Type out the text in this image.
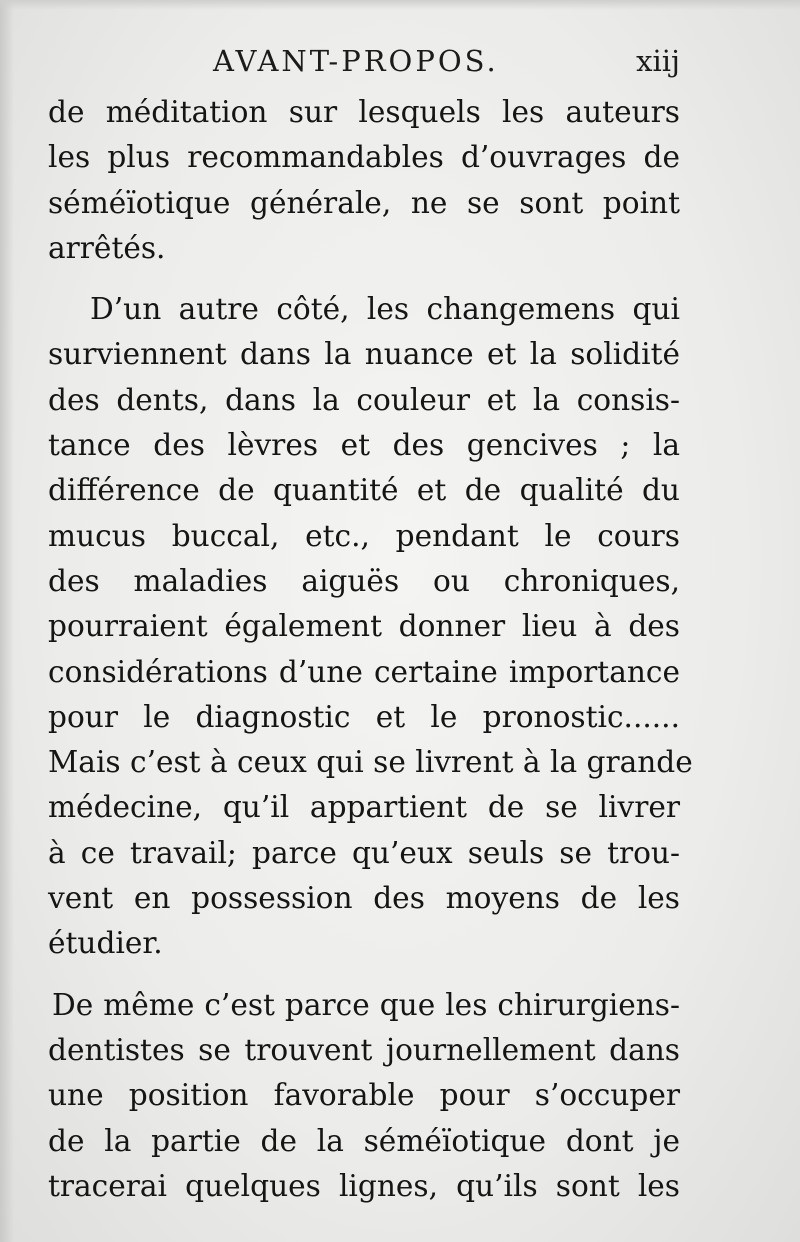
AVANT-PROPOS.	xiij
de méditation sur lesquels les auteurs
les plus recommandables d’ouvrages de
séméïotique générale, ne se sont point
arrêtés.
D’un autre côté, les changemens qui
surviennent dans la nuance et la solidité
des dents, dans la couleur et la consis-
tance des lèvres et des gencives ; la
différence de quantité et de qualité du
mucus buccal, etc., pendant le cours
des maladies aiguës ou chroniques,
pourraient également donner lieu à des
considérations d’une certaine importance
pour le diagnostic et le pronostic......
Mais c’est à ceux qui se livrent à la grande
médecine, qu’il appartient de se livrer
à ce travail; parce qu’eux seuls se trou-
vent en possession des moyens de les
étudier.
De même c’est parce que les chirurgiens-
dentistes se trouvent journellement dans
une position favorable pour s’occuper
de la partie de la séméïotique dont je
tracerai quelques lignes, qu’ils sont les
